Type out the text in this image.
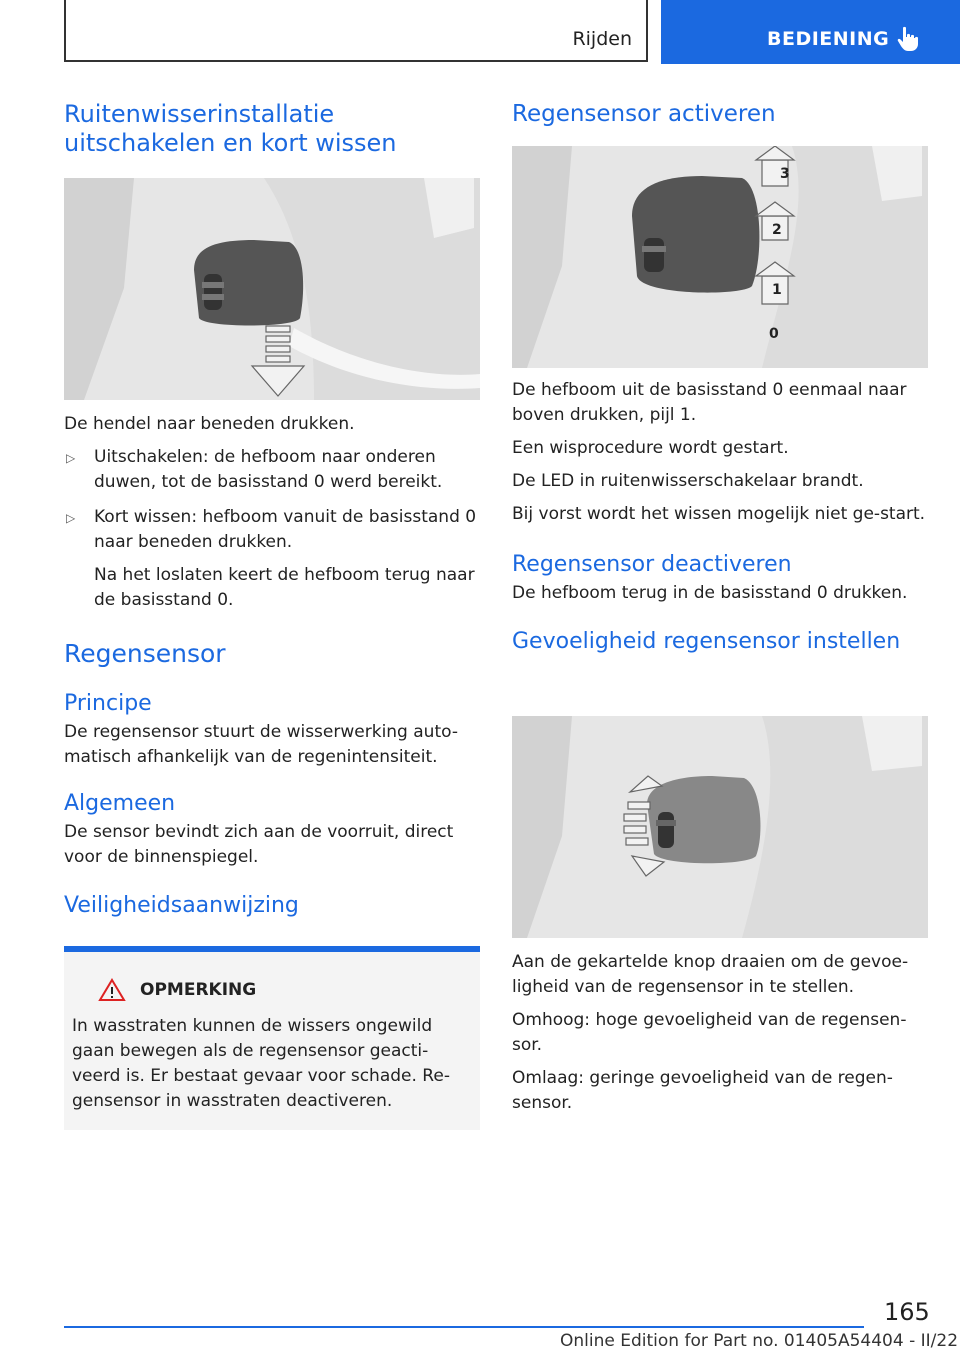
Rijden	BEDIENING
Ruitenwisserinstallatie uitschakelen en kort wissen

De hendel naar beneden drukken.

▷ Uitschakelen: de hefboom naar onderen duwen, tot de basisstand 0 werd bereikt.

▷ Kort wissen: hefboom vanuit de basisstand 0 naar beneden drukken.

Na het loslaten keert de hefboom terug naar de basisstand 0.

Regensensor
Principe

De regensensor stuurt de wisserwerking auto-matisch afhankelijk van de regenintensiteit.

Algemeen

De sensor bevindt zich aan de voorruit, direct voor de binnenspiegel.

Veiligheidsaanwijzing
OPMERKING

In wasstraten kunnen de wissers ongewild gaan bewegen als de regensensor geacti-veerd is. Er bestaat gevaar voor schade. Re-gensensor in wasstraten deactiveren.

Regensensor activeren
3
2
1
0

De hefboom uit de basisstand 0 eenmaal naar boven drukken, pijl 1.

Een wisprocedure wordt gestart.

De LED in ruitenwisserschakelaar brandt.

Bij vorst wordt het wissen mogelijk niet ge-start.

Regensensor deactiveren

De hefboom terug in de basisstand 0 drukken.

Gevoeligheid regensensor instellen

Aan de gekartelde knop draaien om de gevoe-ligheid van de regensensor in te stellen.

Omhoog: hoge gevoeligheid van de regensen-sor.

Omlaag: geringe gevoeligheid van de regen-sensor.

165
Online Edition for Part no. 01405A54404 - II/22
